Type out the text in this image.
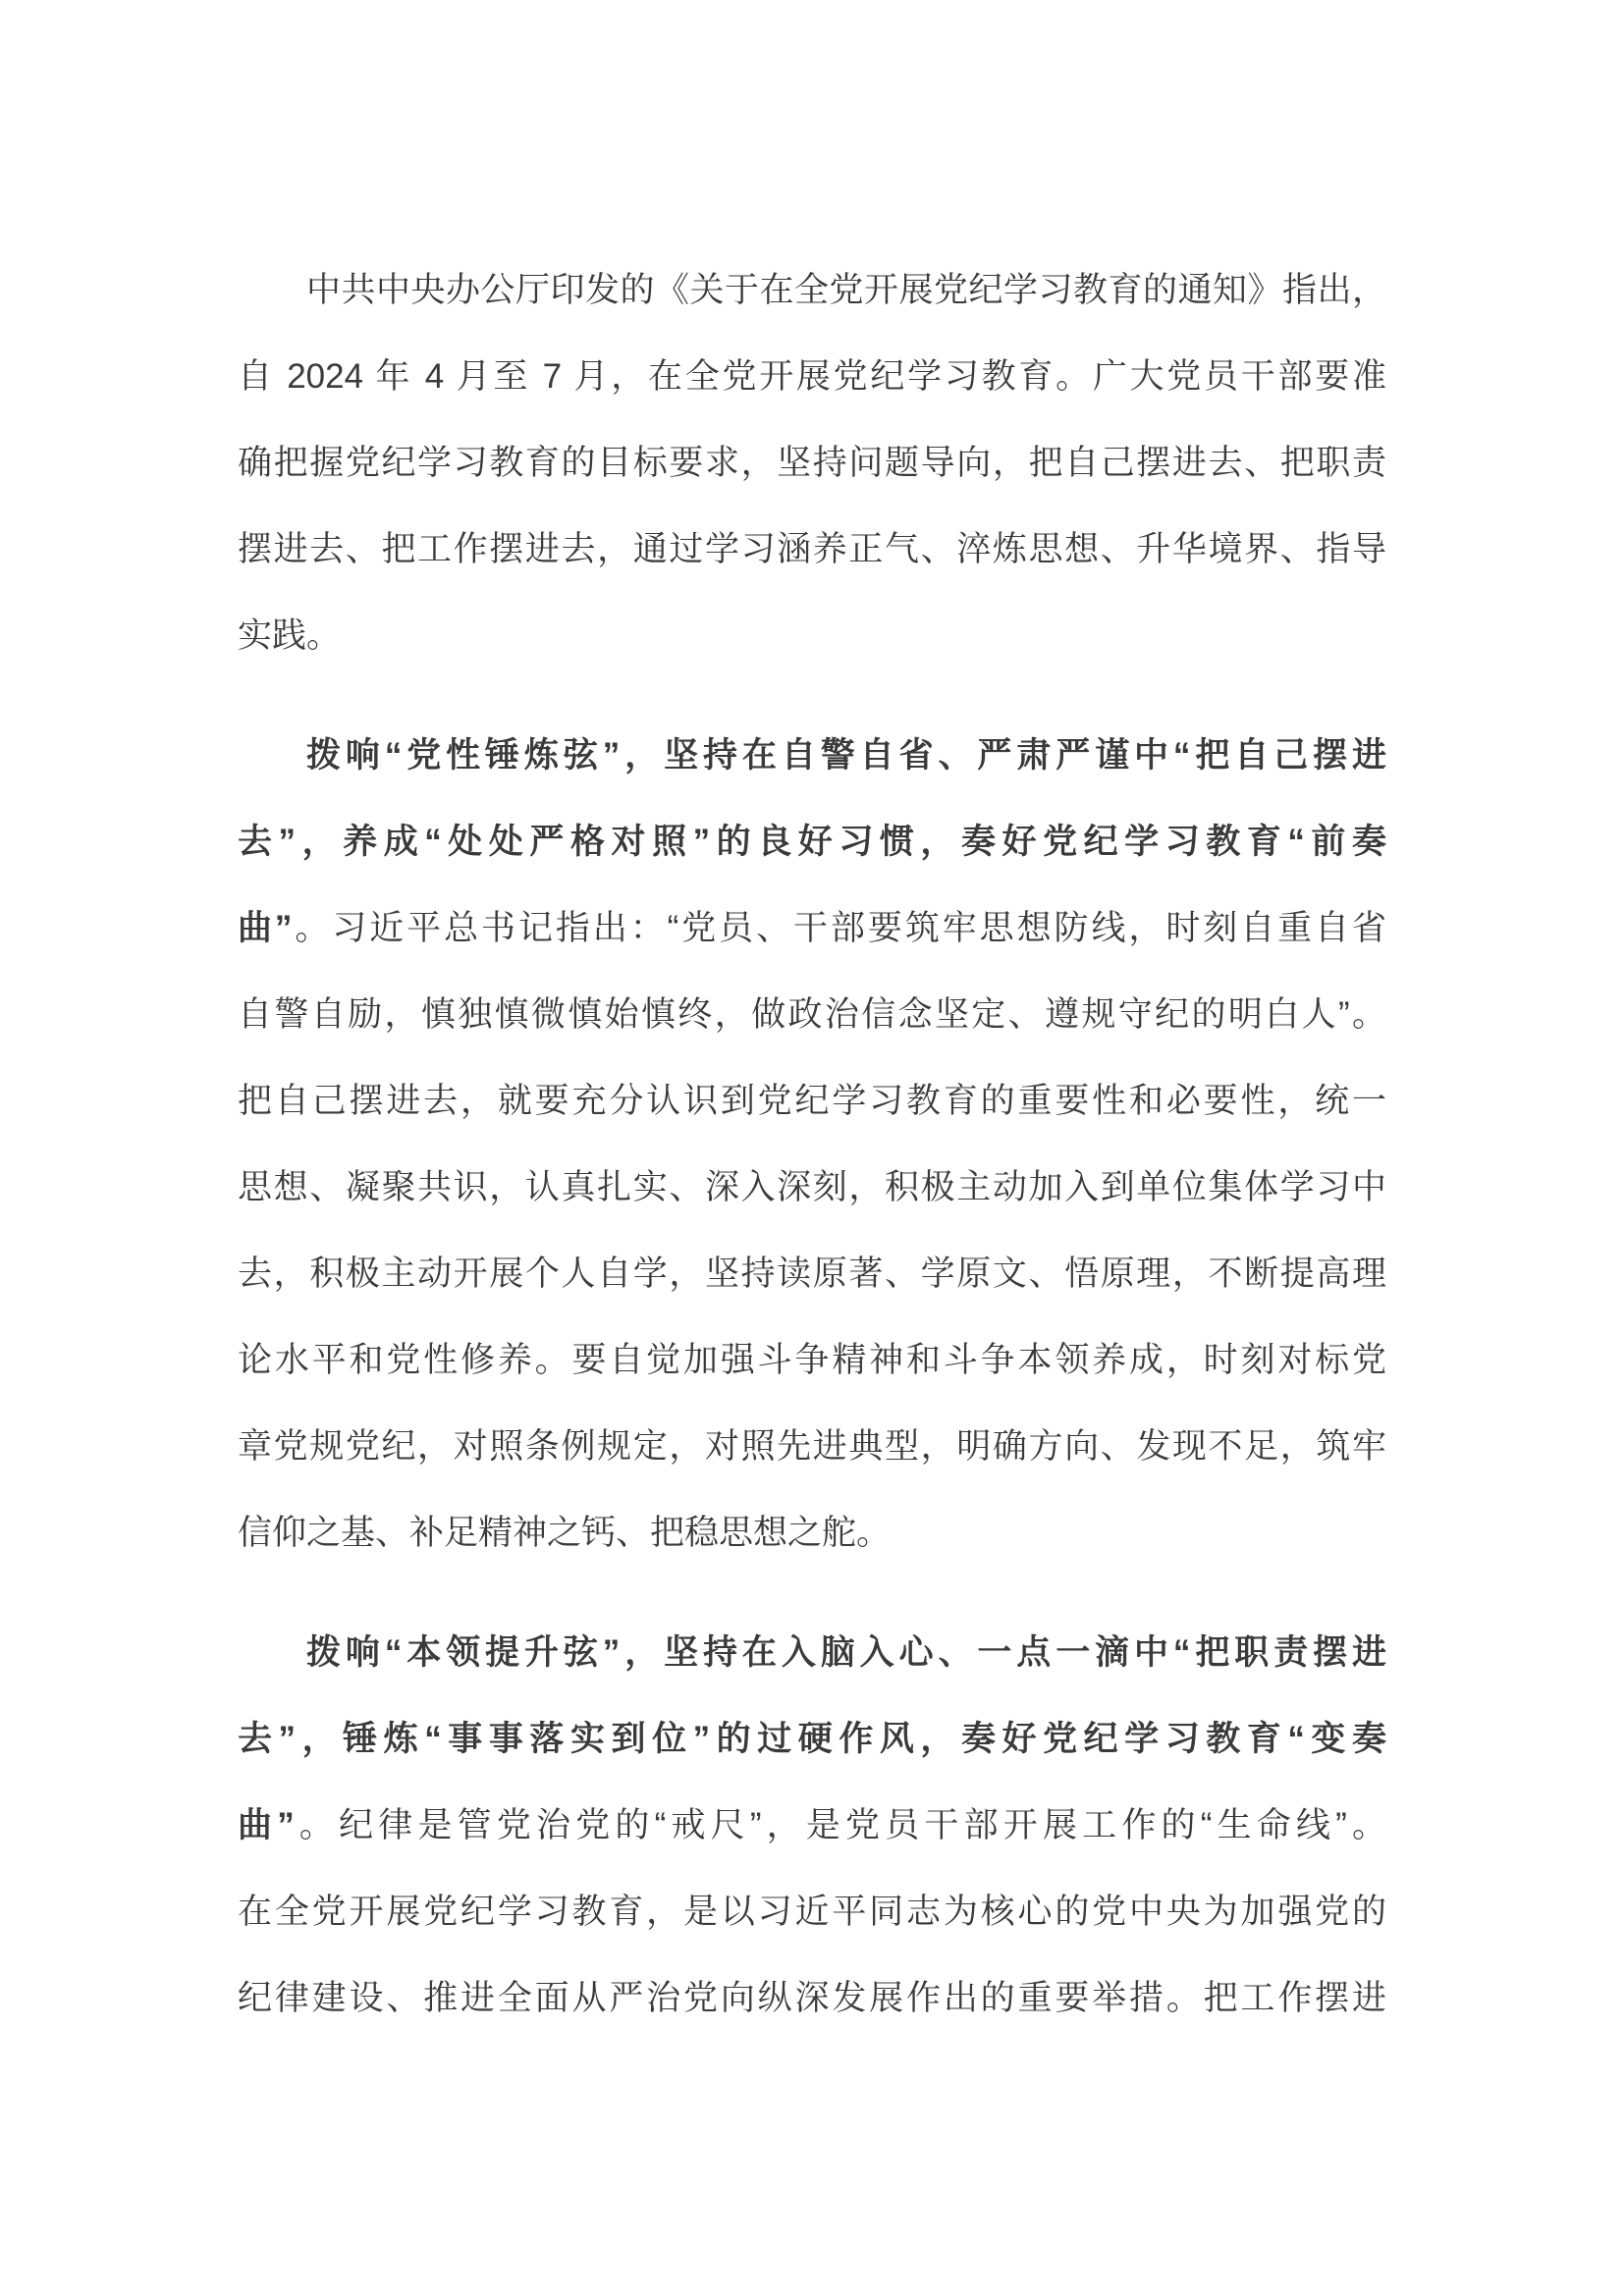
中共中央办公厅印发的《关于在全党开展党纪学习教育的通知》指出，
自 2024 年 4 月至 7 月，在全党开展党纪学习教育。广大党员干部要准
确把握党纪学习教育的目标要求，坚持问题导向，把自己摆进去、把职责
摆进去、把工作摆进去，通过学习涵养正气、淬炼思想、升华境界、指导
实践。
拨响“党性锤炼弦”，坚持在自警自省、严肃严谨中“把自己摆进
去”，养成“处处严格对照”的良好习惯，奏好党纪学习教育“前奏
曲”。习近平总书记指出：“党员、干部要筑牢思想防线，时刻自重自省
自警自励，慎独慎微慎始慎终，做政治信念坚定、遵规守纪的明白人”。
把自己摆进去，就要充分认识到党纪学习教育的重要性和必要性，统一
思想、凝聚共识，认真扎实、深入深刻，积极主动加入到单位集体学习中
去，积极主动开展个人自学，坚持读原著、学原文、悟原理，不断提高理
论水平和党性修养。要自觉加强斗争精神和斗争本领养成，时刻对标党
章党规党纪，对照条例规定，对照先进典型，明确方向、发现不足，筑牢
信仰之基、补足精神之钙、把稳思想之舵。
拨响“本领提升弦”，坚持在入脑入心、一点一滴中“把职责摆进
去”，锤炼“事事落实到位”的过硬作风，奏好党纪学习教育“变奏
曲”。纪律是管党治党的“戒尺”，是党员干部开展工作的“生命线”。
在全党开展党纪学习教育，是以习近平同志为核心的党中央为加强党的
纪律建设、推进全面从严治党向纵深发展作出的重要举措。把工作摆进
